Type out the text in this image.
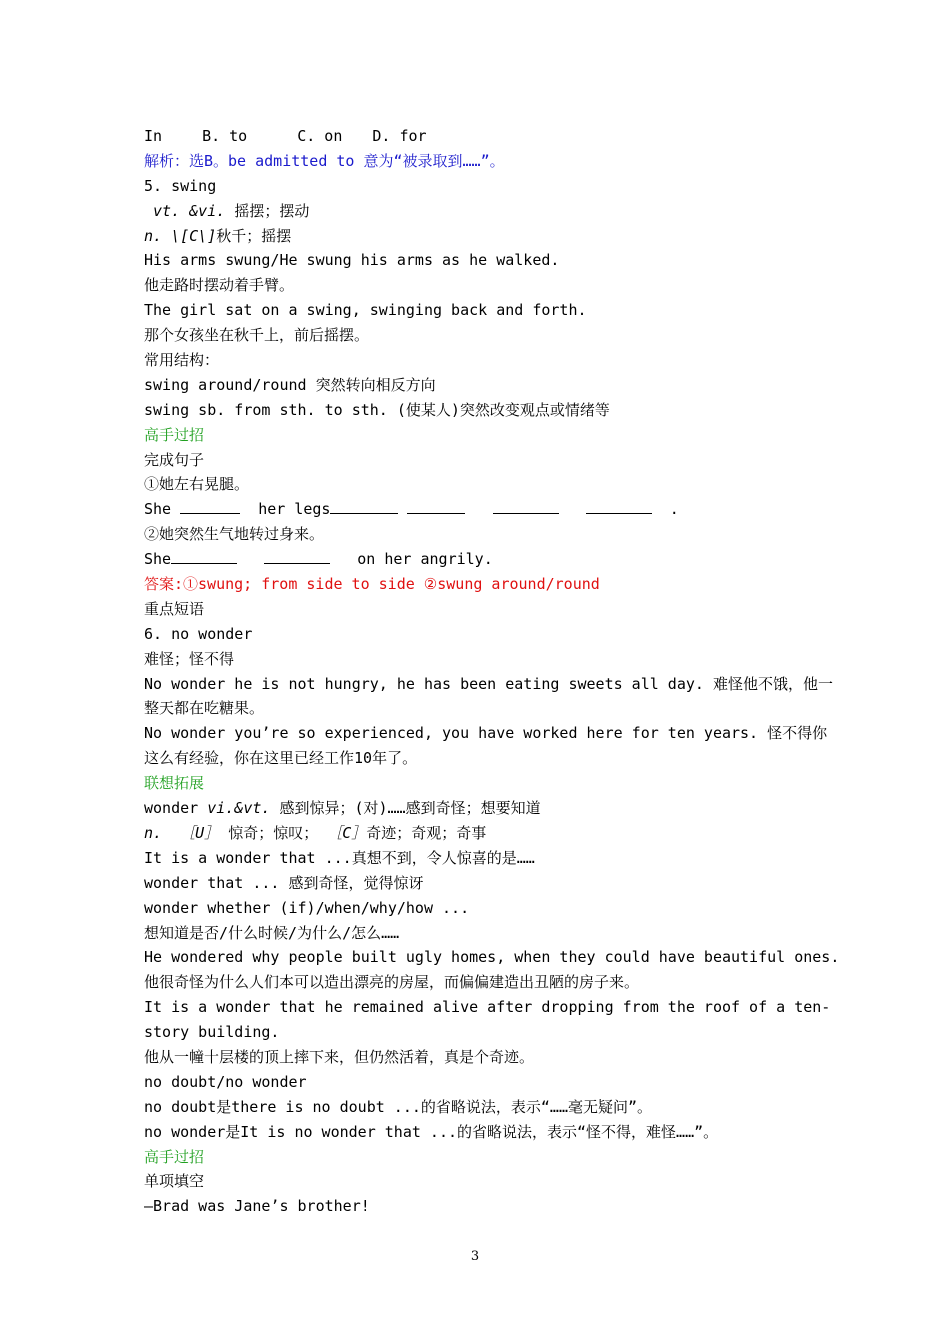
In	B. to	C. on D. for
解析：选B。be admitted to 意为“被录取到……”。
5. swing
vt. &vi. 摇摆；摆动
n. \[C\]秋千；摇摆
His arms swung/He swung his arms as he walked.
他走路时摆动着手臂。
The girl sat on a swing, swinging back and forth.
那个女孩坐在秋千上，前后摇摆。
常用结构：
swing around/round 突然转向相反方向
swing sb. from sth. to sth. (使某人)突然改变观点或情绪等
高手过招
完成句子
①她左右晃腿。
She	her legs	.
②她突然生气地转过身来。
She	on her angrily.
答案:①swung; from side to side ②swung around/round
重点短语
6. no wonder
难怪；怪不得
No wonder he is not hungry, he has been eating sweets all day. 难怪他不饿，他一
整天都在吃糖果。
No wonder you’re so experienced, you have worked here for ten years. 怪不得你
这么有经验，你在这里已经工作10年了。
联想拓展
wonder vi.&vt. 感到惊异；(对)……感到奇怪；想要知道
n. ［U］ 惊奇；惊叹； ［C］奇迹；奇观；奇事
It is a wonder that ...真想不到，令人惊喜的是……
wonder that ... 感到奇怪，觉得惊讶
wonder whether (if)/when/why/how ...
想知道是否/什么时候/为什么/怎么……
He wondered why people built ugly homes, when they could have beautiful ones.
他很奇怪为什么人们本可以造出漂亮的房屋，而偏偏建造出丑陋的房子来。
It is a wonder that he remained alive after dropping from the roof of a ten-
story building.
他从一幢十层楼的顶上摔下来，但仍然活着，真是个奇迹。
no doubt/no wonder
no doubt是there is no doubt ...的省略说法，表示“……毫无疑问”。
no wonder是It is no wonder that ...的省略说法，表示“怪不得，难怪……”。
高手过招
单项填空
—Brad was Jane’s brother!
3
